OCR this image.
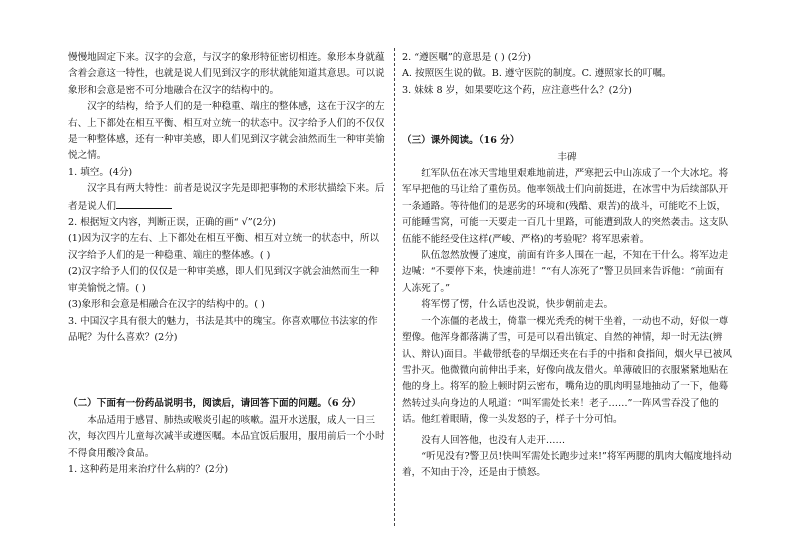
慢慢地固定下来。汉字的会意，与汉字的象形特征密切相连。象形本身就蕴含着会意这一特性，也就是说人们见到汉字的形状就能知道其意思。可以说象形和会意是密不可分地融合在汉字的结构中的。

汉字的结构，给予人们的是一种稳重、端庄的整体感，这在于汉字的左右、上下都处在相互平衡、相互对立统一的状态中。汉字给予人们的不仅仅是一种整体感，还有一种审美感，即人们见到汉字就会油然而生一种审美愉悦之情。

1. 填空。(4分)

汉字具有两大特性：前者是说汉字先是即把事物的术形状描绘下来。后者是说人们

2. 根据短文内容，判断正误，正确的画“ √”(2分)

(1)因为汉字的左右、上下都处在相互平衡、相互对立统一的状态中，所以汉字给予人们的是一种稳重、端庄的整体感。( )

(2)汉字给予人们的仅仅是一种审美感，即人们见到汉字就会油然而生一种审美愉悦之情。( )

(3)象形和会意是相融合在汉字的结构中的。( )

3. 中国汉字具有很大的魅力，书法是其中的瑰宝。你喜欢哪位书法家的作品呢？为什么喜欢？(2分)

（二）下面有一份药品说明书，阅读后，请回答下面的问题。（6 分）

本品适用于感冒、肺热或喉炎引起的咳嗽。温开水送服，成人一日三次，每次四片儿童每次减半或遵医嘱。本品宜饭后服用，服用前后一个小时不得食用酸冷食品。

1. 这种药是用来治疗什么病的？(2分)

2. “遵医嘱”的意思是 ( ) (2分)

A. 按照医生说的做。B. 遵守医院的制度。C. 遵照家长的叮嘱。

3. 妹妹 8 岁，如果要吃这个药，应注意些什么？(2分)

（三）课外阅读。（16 分）

丰碑

红军队伍在冰天雪地里艰难地前进，严寒把云中山冻成了一个大冰坨。将军早把他的马让给了重伤员。他率领战士们向前挺进，在冰雪中为后续部队开一条通路。等待他们的是恶劣的环境和(残酷、艰苦)的战斗，可能吃不上饭，可能睡雪窝，可能一天要走一百几十里路，可能遭到敌人的突然袭击。这支队伍能不能经受住这样(严峻、严格)的考验呢？将军思索着。

队伍忽然放慢了速度，前面有许多人围在一起，不知在干什么。将军边走边喊：“不要停下来，快速前进！”“有人冻死了”警卫员回来告诉他：“前面有人冻死了。”

将军愣了愣，什么话也没说，快步朝前走去。

一个冻僵的老战士，倚靠一棵光秃秃的树干坐着，一动也不动，好似一尊塑像。他浑身都落满了雪，可是可以看出镇定、自然的神情，却一时无法(辨认、辩认)面目。半截带纸卷的旱烟还夹在右手的中指和食指间，烟火早已被风雪扑灭。他微微向前伸出手来，好像向战友借火。单薄破旧的衣服紧紧地贴在他的身上。将军的脸上顿时阴云密布，嘴角边的肌肉明显地抽动了一下，他蓦然转过头向身边的人吼道：“叫军需处长来！老子……”一阵风雪吞没了他的话。他红着眼睛，像一头发怒的子，样子十分可怕。

没有人回答他，也没有人走开……

“听见没有?警卫员!快叫军需处长跑步过来!”将军两腮的肌肉大幅度地抖动着，不知由于冷，还是由于愤怒。
